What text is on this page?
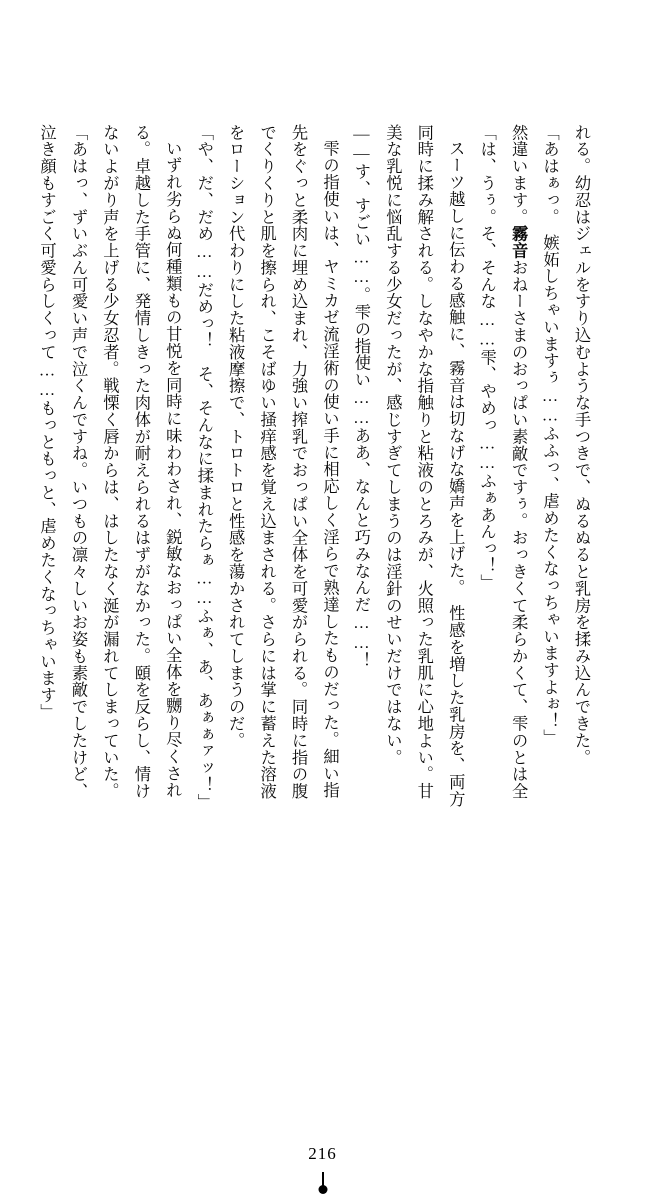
れる。幼忍はジェルをすり込むような手つきで、ぬるぬると乳房を揉み込んできた。

「あはぁっ。　嫉妬しちゃいますぅ……ふふっ、虐めたくなっちゃいますよぉ！」

然違います。霧音おねーさまのおっぱい素敵ですぅ。おっきくて柔らかくて、雫のとは全

「は、うぅ。そ、そんな……雫、やめっ……ふぁあんっ！」

スーツ越しに伝わる感触に、霧音は切なげな嬌声を上げた。　性感を増した乳房を、両方

同時に揉み解される。しなやかな指触りと粘液のとろみが、火照った乳肌に心地よい。甘

美な乳悦に悩乱する少女だったが、感じすぎてしまうのは淫針のせいだけではない。

——す、すごい……。雫の指使い……ああ、なんと巧みなんだ……！

雫の指使いは、ヤミカゼ流淫術の使い手に相応しく淫らで熟達したものだった。細い指

先をぐっと柔肉に埋め込まれ、力強い搾乳でおっぱい全体を可愛がられる。同時に指の腹

でくりくりと肌を擦られ、こそばゆい掻痒感を覚え込まされる。さらには掌に蓄えた溶液

をローション代わりにした粘液摩擦で、トロトロと性感を蕩かされてしまうのだ。

「や、だ、だめ……だめっ！　そ、そんなに揉まれたらぁ……ふぁ、あ、あぁぁァッ！」

いずれ劣らぬ何種類もの甘悦を同時に味わわされ、鋭敏なおっぱい全体を嬲り尽くされ

る。卓越した手管に、発情しきった肉体が耐えられるはずがなかった。頤を反らし、情け

ないよがり声を上げる少女忍者。戦慄く唇からは、はしたなく涎が漏れてしまっていた。

「あはっ、ずいぶん可愛い声で泣くんですね。いつもの凛々しいお姿も素敵でしたけど、

泣き顔もすごく可愛らしくって……もっともっと、虐めたくなっちゃいます」

216
